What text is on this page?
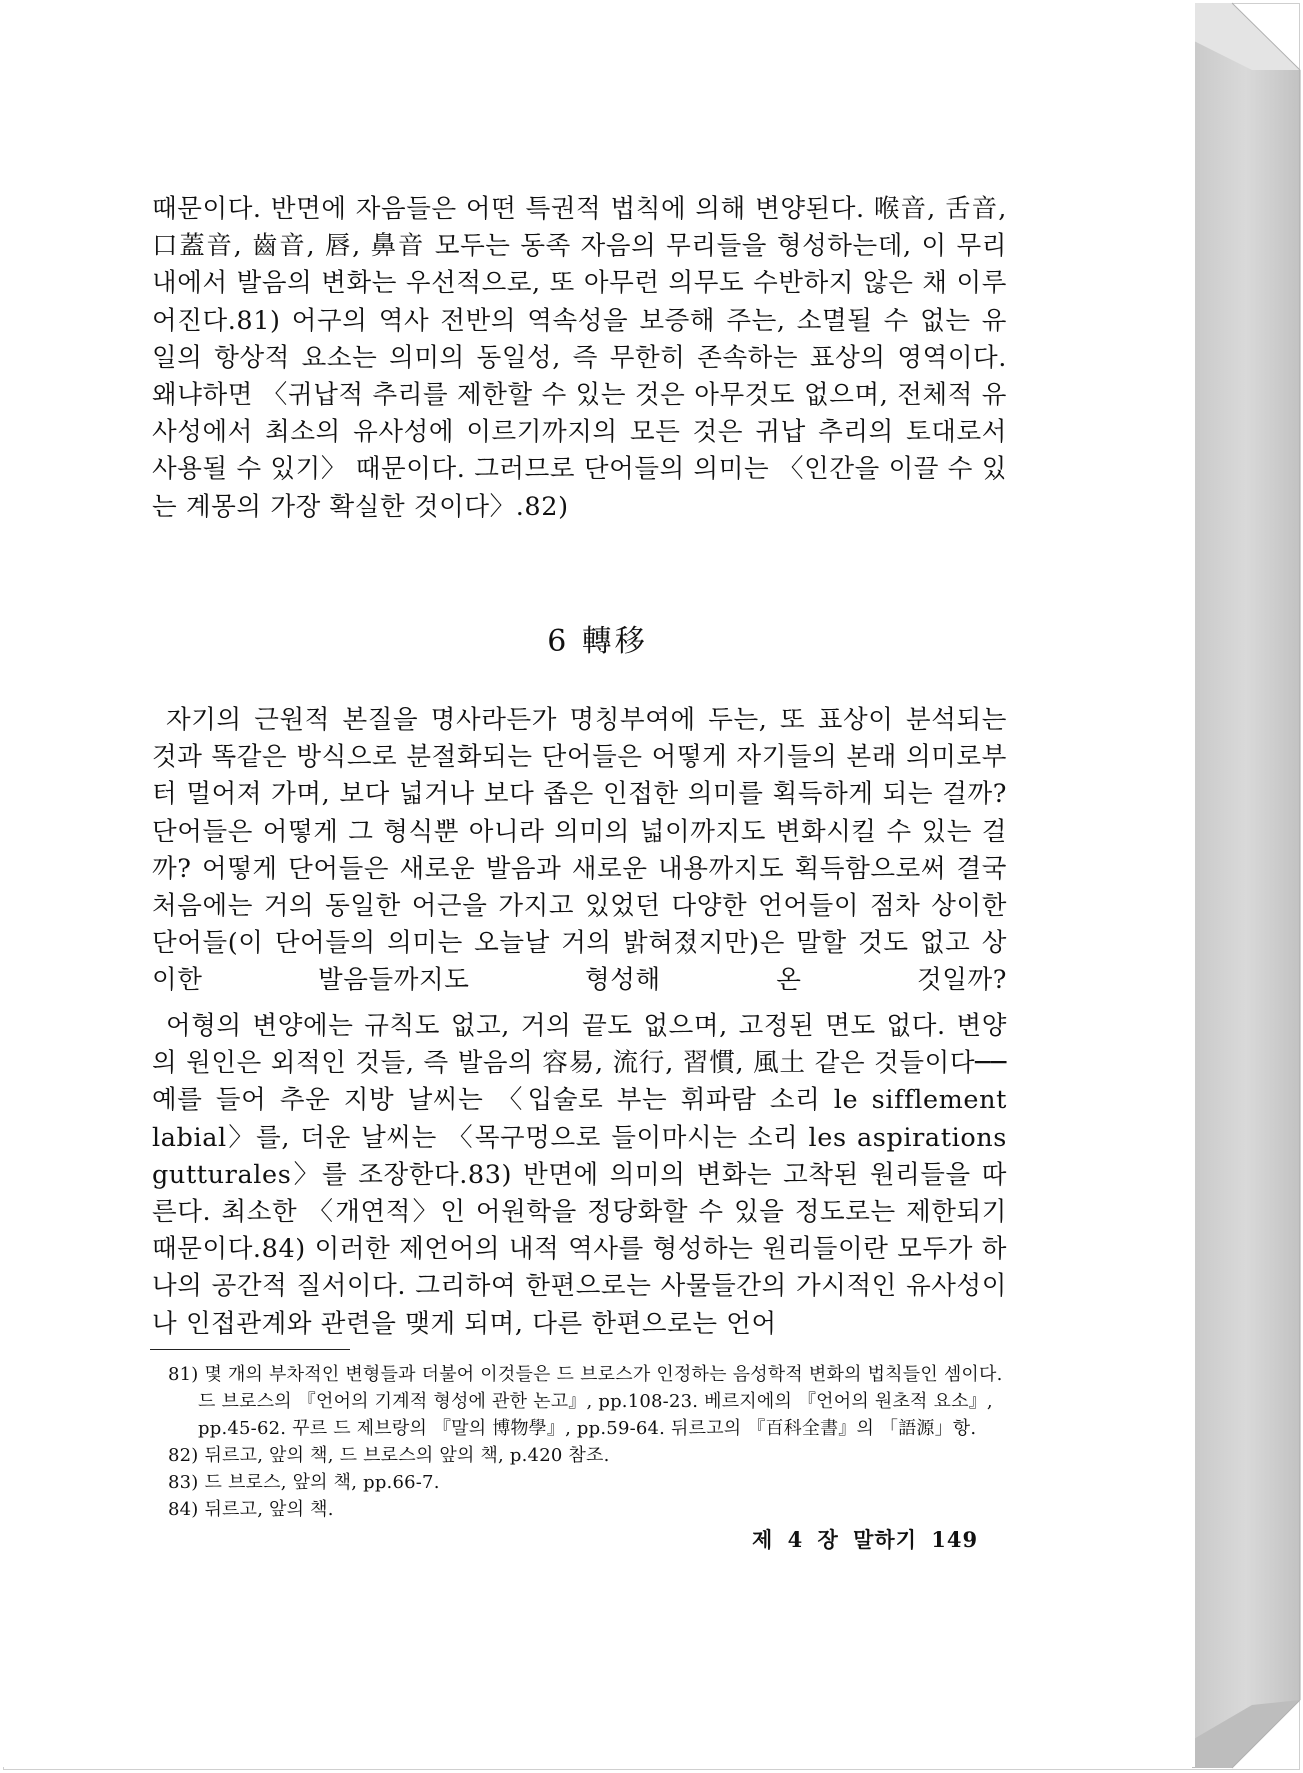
때문이다. 반면에 자음들은 어떤 특권적 법칙에 의해 변양된다. 喉音, 舌音, 口蓋音, 齒音, 唇, 鼻音 모두는 동족 자음의 무리들을 형성하는데, 이 무리 내에서 발음의 변화는 우선적으로, 또 아무런 의무도 수반하지 않은 채 이루어진다.81) 어구의 역사 전반의 역속성을 보증해 주는, 소멸될 수 없는 유일의 항상적 요소는 의미의 동일성, 즉 무한히 존속하는 표상의 영역이다. 왜냐하면 〈귀납적 추리를 제한할 수 있는 것은 아무것도 없으며, 전체적 유사성에서 최소의 유사성에 이르기까지의 모든 것은 귀납 추리의 토대로서 사용될 수 있기〉 때문이다. 그러므로 단어들의 의미는 〈인간을 이끌 수 있는 계몽의 가장 확실한 것이다〉.82)
6 轉移
자기의 근원적 본질을 명사라든가 명칭부여에 두는, 또 표상이 분석되는 것과 똑같은 방식으로 분절화되는 단어들은 어떻게 자기들의 본래 의미로부터 멀어져 가며, 보다 넓거나 보다 좁은 인접한 의미를 획득하게 되는 걸까? 단어들은 어떻게 그 형식뿐 아니라 의미의 넓이까지도 변화시킬 수 있는 걸까? 어떻게 단어들은 새로운 발음과 새로운 내용까지도 획득함으로써 결국 처음에는 거의 동일한 어근을 가지고 있었던 다양한 언어들이 점차 상이한 단어들(이 단어들의 의미는 오늘날 거의 밝혀졌지만)은 말할 것도 없고 상이한 발음들까지도 형성해 온 것일까?
어형의 변양에는 규칙도 없고, 거의 끝도 없으며, 고정된 면도 없다. 변양의 원인은 외적인 것들, 즉 발음의 容易, 流行, 習慣, 風土 같은 것들이다──예를 들어 추운 지방 날씨는 〈입술로 부는 휘파람 소리 le sifflement labial〉를, 더운 날씨는 〈목구멍으로 들이마시는 소리 les aspirations gutturales〉를 조장한다.83) 반면에 의미의 변화는 고착된 원리들을 따른다. 최소한 〈개연적〉인 어원학을 정당화할 수 있을 정도로는 제한되기 때문이다.84) 이러한 제언어의 내적 역사를 형성하는 원리들이란 모두가 하나의 공간적 질서이다. 그리하여 한편으로는 사물들간의 가시적인 유사성이나 인접관계와 관련을 맺게 되며, 다른 한편으로는 언어
81) 몇 개의 부차적인 변형들과 더불어 이것들은 드 브로스가 인정하는 음성학적 변화의 법칙들인 셈이다. 드 브로스의 『언어의 기계적 형성에 관한 논고』, pp.108-23. 베르지에의 『언어의 원초적 요소』, pp.45-62. 꾸르 드 제브랑의 『말의 博物學』, pp.59-64. 뒤르고의 『百科全書』의 「語源」항.
82) 뒤르고, 앞의 책, 드 브로스의 앞의 책, p.420 참조.
83) 드 브로스, 앞의 책, pp.66-7.
84) 뒤르고, 앞의 책.
제 4 장 말하기 149
